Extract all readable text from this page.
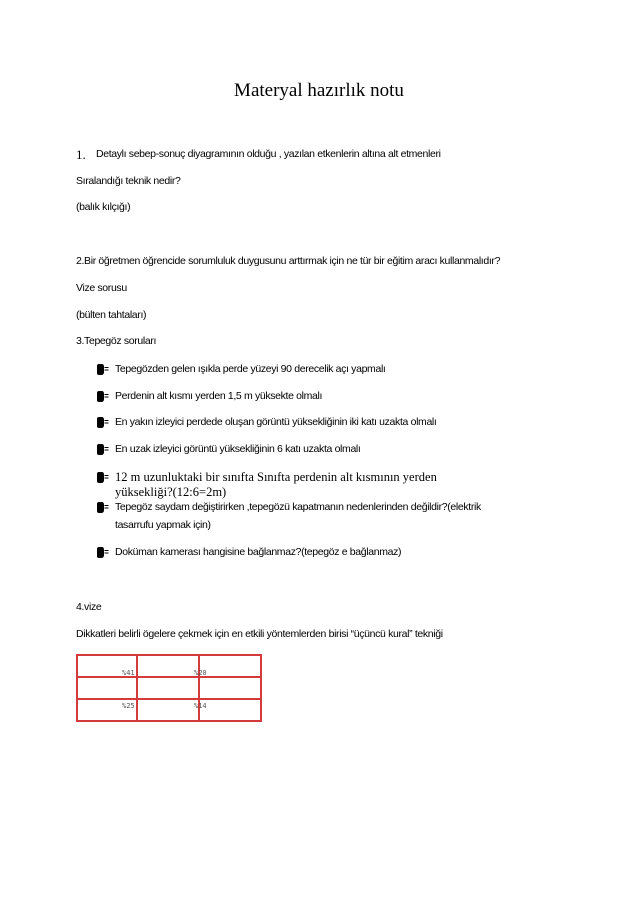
Materyal hazırlık notu
1. Detaylı sebep-sonuç diyagramının olduğu , yazılan etkenlerin altına alt etmenleri
Sıralandığı teknik nedir?
(balık kılçığı)
2.Bir öğretmen öğrencide sorumluluk duygusunu arttırmak için ne tür bir eğitim aracı kullanmalıdır?
Vize sorusu
(bülten tahtaları)
3.Tepegöz soruları
Tepegözden gelen ışıkla perde yüzeyi 90 derecelik açı yapmalı
Perdenin alt kısmı yerden 1,5 m yüksekte olmalı
En yakın izleyici perdede oluşan görüntü yüksekliğinin iki katı uzakta olmalı
En uzak izleyici görüntü yüksekliğinin 6 katı uzakta olmalı
12 m uzunluktaki bir sınıfta Sınıfta perdenin alt kısmının yerden
yüksekliği?(12:6=2m)
Tepegöz saydam değiştirirken ,tepegözü kapatmanın nedenlerinden değildir?(elektrik
tasarrufu yapmak için)
Doküman kamerası hangisine bağlanmaz?(tepegöz e bağlanmaz)
4.vize
Dikkatleri belirli ögelere çekmek için en etkili yöntemlerden birisi “üçüncü kural” tekniği
%41	%20
%25	%14
